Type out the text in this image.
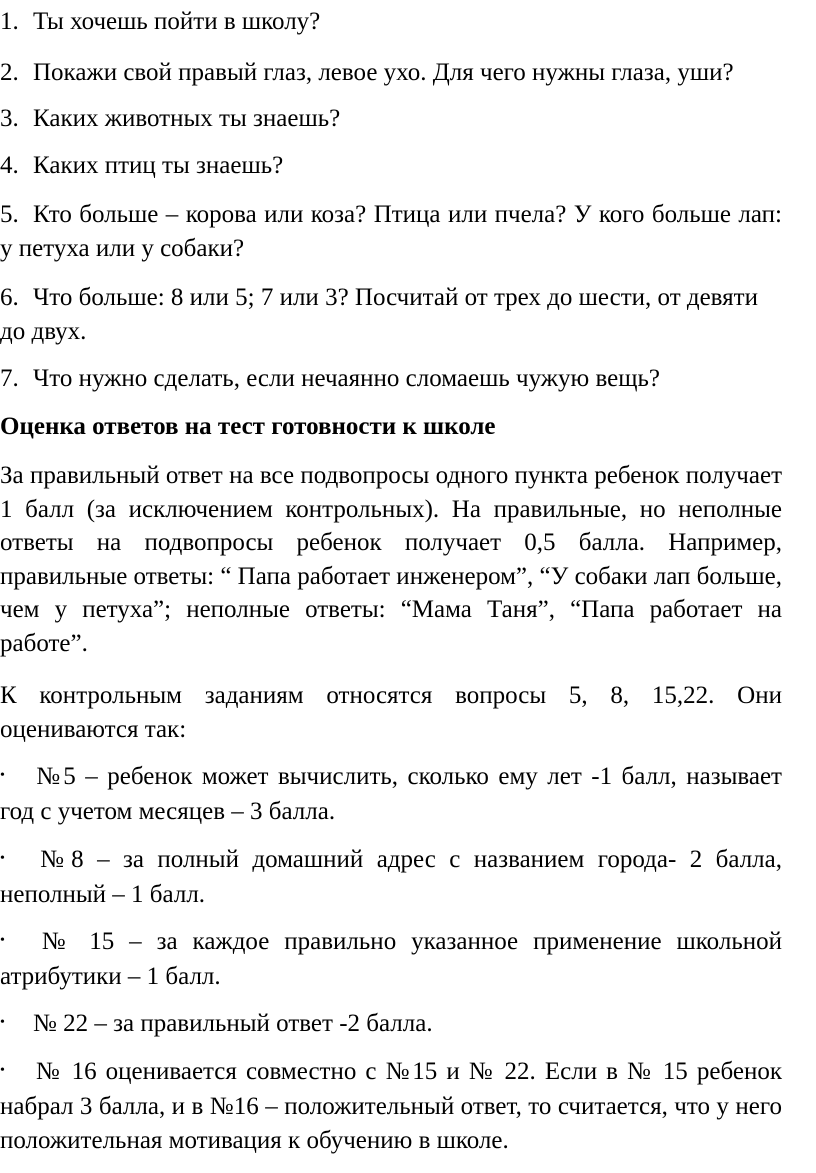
1. Ты хочешь пойти в школу?
2. Покажи свой правый глаз, левое ухо. Для чего нужны глаза, уши?
3. Каких животных ты знаешь?
4. Каких птиц ты знаешь?
5. Кто больше – корова или коза? Птица или пчела? У кого больше лап: у петуха или у собаки?
6. Что больше: 8 или 5; 7 или 3? Посчитай от трех до шести, от девяти до двух.
7. Что нужно сделать, если нечаянно сломаешь чужую вещь?
Оценка ответов на тест готовности к школе
За правильный ответ на все подвопросы одного пункта ребенок получает 1 балл (за исключением контрольных). На правильные, но неполные ответы на подвопросы ребенок получает 0,5 балла. Например, правильные ответы: “ Папа работает инженером”, “У собаки лап больше, чем у петуха”; неполные ответы: “Мама Таня”, “Папа работает на работе”.
К контрольным заданиям относятся вопросы 5, 8, 15,22. Они оцениваются так:
• №5 – ребенок может вычислить, сколько ему лет -1 балл, называет год с учетом месяцев – 3 балла.
• №8 – за полный домашний адрес с названием города- 2 балла, неполный – 1 балл.
• № 15 – за каждое правильно указанное применение школьной атрибутики – 1 балл.
• № 22 – за правильный ответ -2 балла.
• № 16 оценивается совместно с №15 и № 22. Если в № 15 ребенок набрал 3 балла, и в №16 – положительный ответ, то считается, что у него положительная мотивация к обучению в школе.
